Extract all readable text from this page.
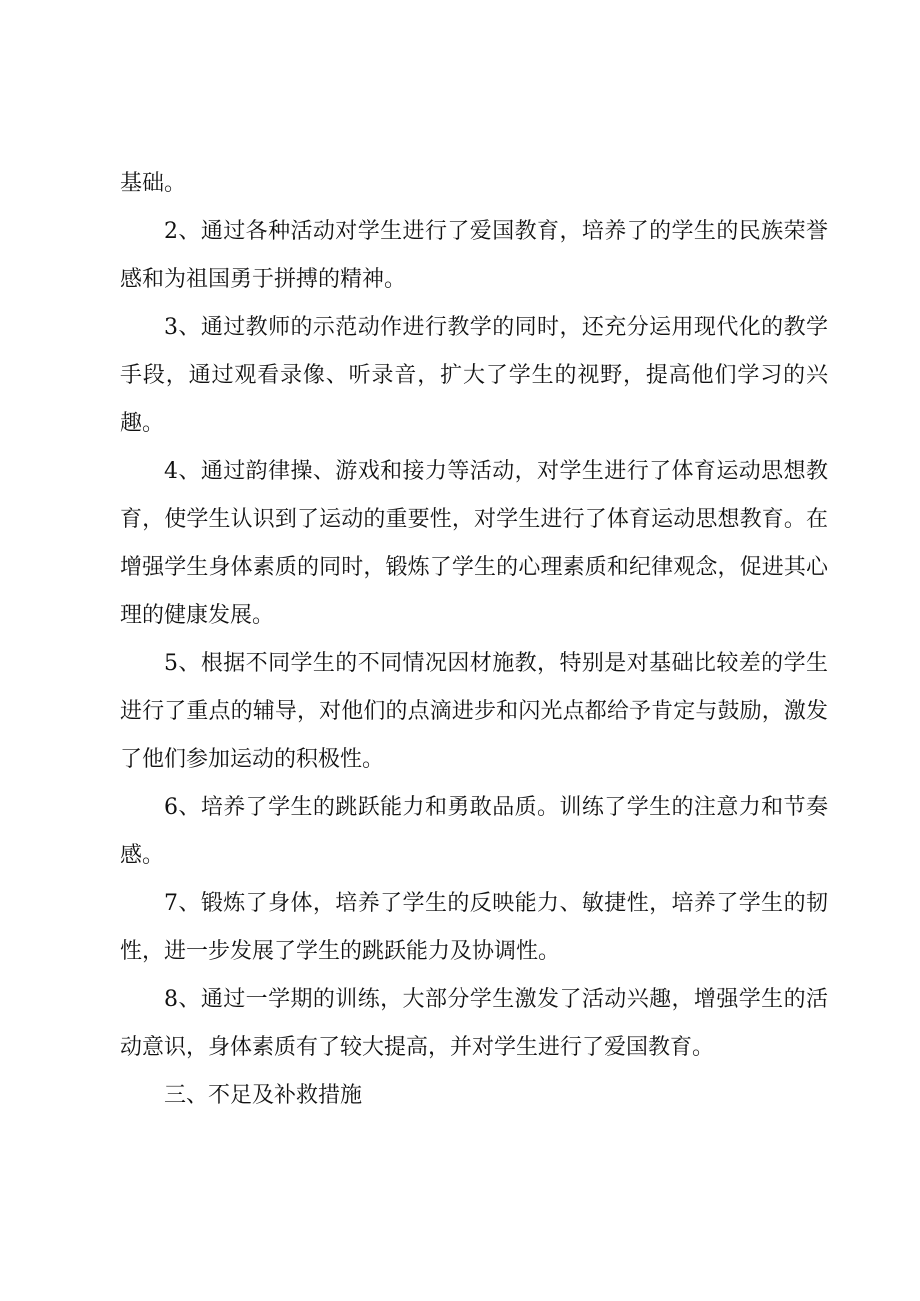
基础。

2、通过各种活动对学生进行了爱国教育，培养了的学生的民族荣誉感和为祖国勇于拼搏的精神。

3、通过教师的示范动作进行教学的同时，还充分运用现代化的教学手段，通过观看录像、听录音，扩大了学生的视野，提高他们学习的兴趣。

4、通过韵律操、游戏和接力等活动，对学生进行了体育运动思想教育，使学生认识到了运动的重要性，对学生进行了体育运动思想教育。在增强学生身体素质的同时，锻炼了学生的心理素质和纪律观念，促进其心理的健康发展。

5、根据不同学生的不同情况因材施教，特别是对基础比较差的学生进行了重点的辅导，对他们的点滴进步和闪光点都给予肯定与鼓励，激发了他们参加运动的积极性。

6、培养了学生的跳跃能力和勇敢品质。训练了学生的注意力和节奏感。

7、锻炼了身体，培养了学生的反映能力、敏捷性，培养了学生的韧性，进一步发展了学生的跳跃能力及协调性。

8、通过一学期的训练，大部分学生激发了活动兴趣，增强学生的活动意识，身体素质有了较大提高，并对学生进行了爱国教育。

三、不足及补救措施
